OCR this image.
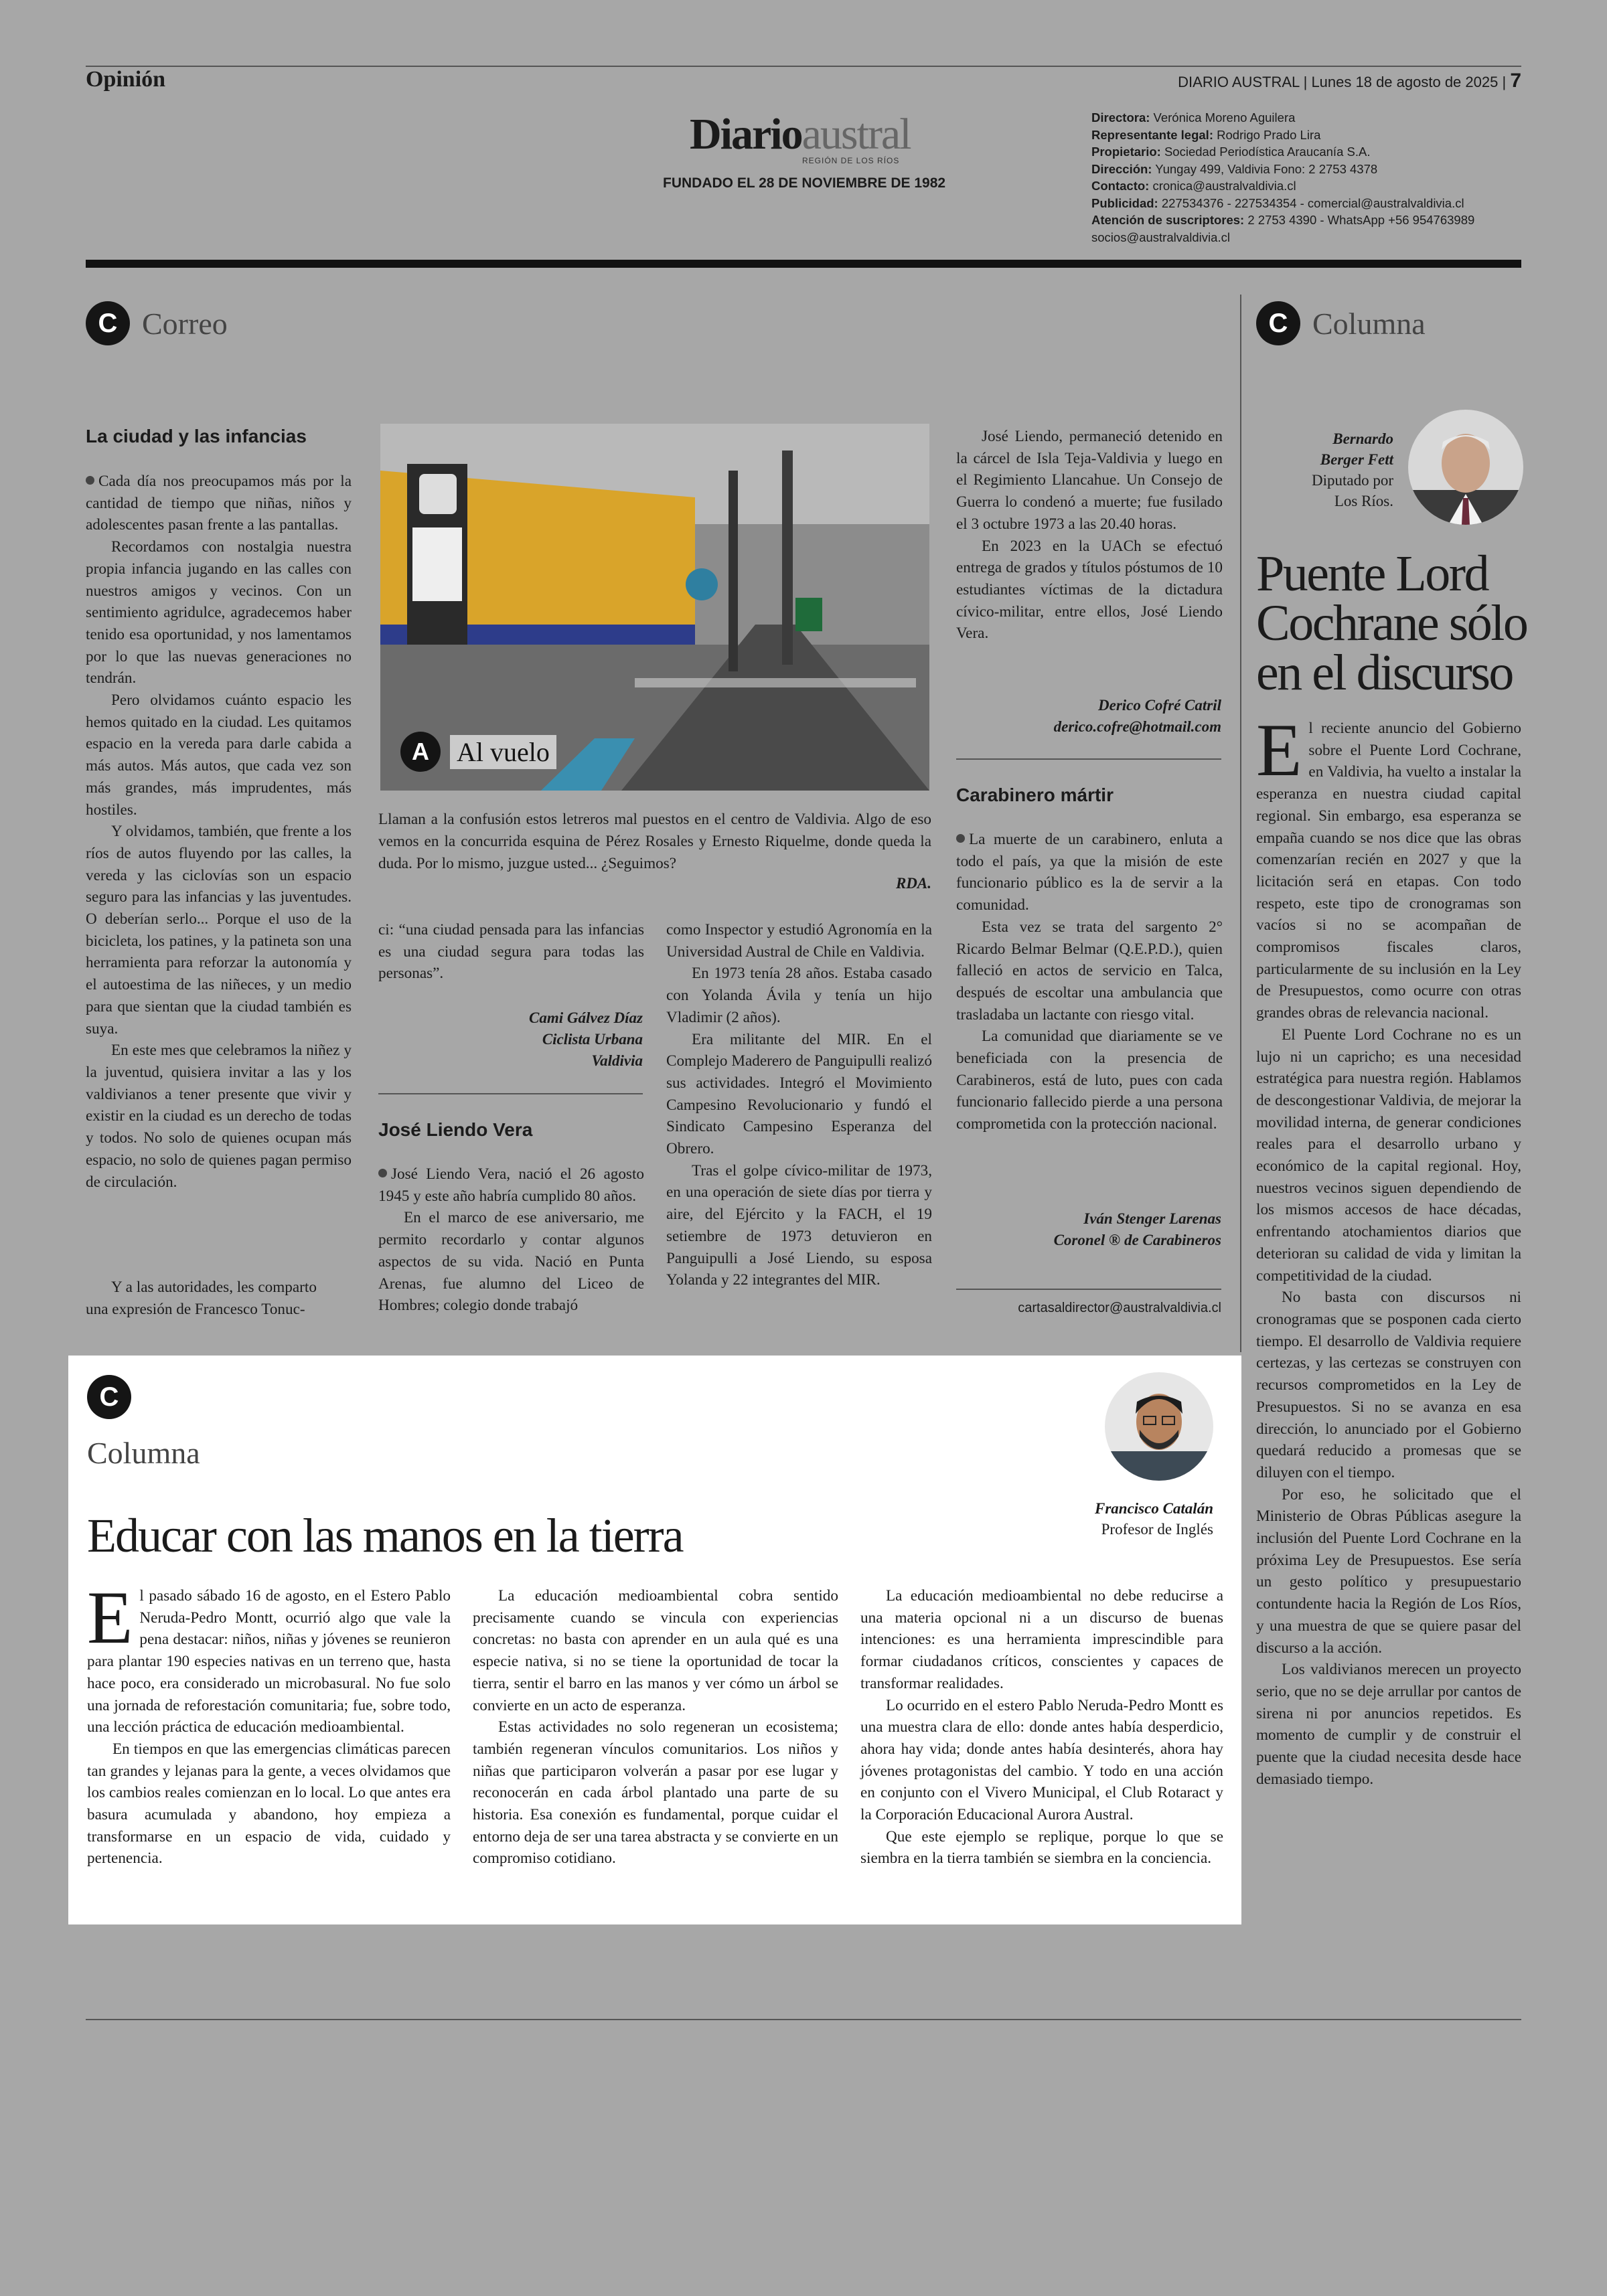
Opinión	DIARIO AUSTRAL | Lunes 18 de agosto de 2025 | 7
Diarioaustral
REGIÓN DE LOS RÍOS
FUNDADO EL 28 DE NOVIEMBRE DE 1982
Directora: Verónica Moreno Aguilera
Representante legal: Rodrigo Prado Lira
Propietario: Sociedad Periodística Araucanía S.A.
Dirección: Yungay 499, Valdivia Fono: 2 2753 4378
Contacto: cronica@australvaldivia.cl
Publicidad: 227534376 - 227534354 - comercial@australvaldivia.cl
Atención de suscriptores: 2 2753 4390 - WhatsApp +56 954763989
socios@australvaldivia.cl
C Correo
La ciudad y las infancias

Cada día nos preocupamos más por la cantidad de tiempo que niñas, niños y adolescentes pasan frente a las pantallas.

Recordamos con nostalgia nuestra propia infancia jugando en las calles con nuestros amigos y vecinos. Con un sentimiento agridulce, agradecemos haber tenido esa oportunidad, y nos lamentamos por lo que las nuevas generaciones no tendrán.

Pero olvidamos cuánto espacio les hemos quitado en la ciudad. Les quitamos espacio en la vereda para darle cabida a más autos. Más autos, que cada vez son más grandes, más imprudentes, más hostiles.

Y olvidamos, también, que frente a los ríos de autos fluyendo por las calles, la vereda y las ciclovías son un espacio seguro para las infancias y las juventudes. O deberían serlo... Porque el uso de la bicicleta, los patines, y la patineta son una herramienta para reforzar la autonomía y el autoestima de las niñeces, y un medio para que sientan que la ciudad también es suya.

En este mes que celebramos la niñez y la juventud, quisiera invitar a las y los valdivianos a tener presente que vivir y existir en la ciudad es un derecho de todas y todos. No solo de quienes ocupan más espacio, no solo de quienes pagan permiso de circulación.

Y a las autoridades, les comparto

una expresión de Francesco Tonuc-

A	Al vuelo
Llaman a la confusión estos letreros mal puestos en el centro de Valdivia. Algo de eso vemos en la concurrida esquina de Pérez Rosales y Ernesto Riquelme, donde queda la duda. Por lo mismo, juzgue usted... ¿Seguimos?
RDA.

ci: “una ciudad pensada para las infancias es una ciudad segura para todas las personas”.

Cami Gálvez Díaz
Ciclista Urbana
Valdivia
José Liendo Vera

José Liendo Vera, nació el 26 agosto 1945 y este año habría cumplido 80 años.

En el marco de ese aniversario, me permito recordarlo y contar algunos aspectos de su vida. Nació en Punta Arenas, fue alumno del Liceo de Hombres; colegio donde trabajó

como Inspector y estudió Agronomía en la Universidad Austral de Chile en Valdivia.

En 1973 tenía 28 años. Estaba casado con Yolanda Ávila y tenía un hijo Vladimir (2 años).

Era militante del MIR. En el Complejo Maderero de Panguipulli realizó sus actividades. Integró el Movimiento Campesino Revolucionario y fundó el Sindicato Campesino Esperanza del Obrero.

Tras el golpe cívico-militar de 1973, en una operación de siete días por tierra y aire, del Ejército y la FACH, el 19 setiembre de 1973 detuvieron en Panguipulli a José Liendo, su esposa Yolanda y 22 integrantes del MIR.

José Liendo, permaneció detenido en la cárcel de Isla Teja-Valdivia y luego en el Regimiento Llancahue. Un Consejo de Guerra lo condenó a muerte; fue fusilado el 3 octubre 1973 a las 20.40 horas.

En 2023 en la UACh se efectuó entrega de grados y títulos póstumos de 10 estudiantes víctimas de la dictadura cívico-militar, entre ellos, José Liendo Vera.

Derico Cofré Catril
derico.cofre@hotmail.com
Carabinero mártir

La muerte de un carabinero, enluta a todo el país, ya que la misión de este funcionario público es la de servir a la comunidad.

Esta vez se trata del sargento 2° Ricardo Belmar Belmar (Q.E.P.D.), quien falleció en actos de servicio en Talca, después de escoltar una ambulancia que trasladaba un lactante con riesgo vital.

La comunidad que diariamente se ve beneficiada con la presencia de Carabineros, está de luto, pues con cada funcionario fallecido pierde a una persona comprometida con la protección nacional.

Iván Stenger Larenas
Coronel ® de Carabineros
cartasaldirector@australvaldivia.cl
C Columna
Bernardo
Berger Fett
Diputado por
Los Ríos.
Puente Lord
Cochrane sólo
en el discurso

El reciente anuncio del Gobierno sobre el Puente Lord Cochrane, en Valdivia, ha vuelto a instalar la esperanza en nuestra ciudad capital regional. Sin embargo, esa esperanza se empaña cuando se nos dice que las obras comenzarían recién en 2027 y que la licitación será en etapas. Con todo respeto, este tipo de cronogramas son vacíos si no se acompañan de compromisos fiscales claros, particularmente de su inclusión en la Ley de Presupuestos, como ocurre con otras grandes obras de relevancia nacional.

El Puente Lord Cochrane no es un lujo ni un capricho; es una necesidad estratégica para nuestra región. Hablamos de descongestionar Valdivia, de mejorar la movilidad interna, de generar condiciones reales para el desarrollo urbano y económico de la capital regional. Hoy, nuestros vecinos siguen dependiendo de los mismos accesos de hace décadas, enfrentando atochamientos diarios que deterioran su calidad de vida y limitan la competitividad de la ciudad.

No basta con discursos ni cronogramas que se posponen cada cierto tiempo. El desarrollo de Valdivia requiere certezas, y las certezas se construyen con recursos comprometidos en la Ley de Presupuestos. Si no se avanza en esa dirección, lo anunciado por el Gobierno quedará reducido a promesas que se diluyen con el tiempo.

Por eso, he solicitado que el Ministerio de Obras Públicas asegure la inclusión del Puente Lord Cochrane en la próxima Ley de Presupuestos. Ese sería un gesto político y presupuestario contundente hacia la Región de Los Ríos, y una muestra de que se quiere pasar del discurso a la acción.

Los valdivianos merecen un proyecto serio, que no se deje arrullar por cantos de sirena ni por anuncios repetidos. Es momento de cumplir y de construir el puente que la ciudad necesita desde hace demasiado tiempo.

C
Columna
Francisco Catalán
Profesor de Inglés
Educar con las manos en la tierra

El pasado sábado 16 de agosto, en el Estero Pablo Neruda-Pedro Montt, ocurrió algo que vale la pena destacar: niños, niñas y jóvenes se reunieron para plantar 190 especies nativas en un terreno que, hasta hace poco, era considerado un microbasural. No fue solo una jornada de reforestación comunitaria; fue, sobre todo, una lección práctica de educación medioambiental.

En tiempos en que las emergencias climáticas parecen tan grandes y lejanas para la gente, a veces olvidamos que los cambios reales comienzan en lo local. Lo que antes era basura acumulada y abandono, hoy empieza a transformarse en un espacio de vida, cuidado y pertenencia.

La educación medioambiental cobra sentido precisamente cuando se vincula con experiencias concretas: no basta con aprender en un aula qué es una especie nativa, si no se tiene la oportunidad de tocar la tierra, sentir el barro en las manos y ver cómo un árbol se convierte en un acto de esperanza.

Estas actividades no solo regeneran un ecosistema; también regeneran vínculos comunitarios. Los niños y niñas que participaron volverán a pasar por ese lugar y reconocerán en cada árbol plantado una parte de su historia. Esa conexión es fundamental, porque cuidar el entorno deja de ser una tarea abstracta y se convierte en un compromiso cotidiano.

La educación medioambiental no debe reducirse a una materia opcional ni a un discurso de buenas intenciones: es una herramienta imprescindible para formar ciudadanos críticos, conscientes y capaces de transformar realidades.

Lo ocurrido en el estero Pablo Neruda-Pedro Montt es una muestra clara de ello: donde antes había desperdicio, ahora hay vida; donde antes había desinterés, ahora hay jóvenes protagonistas del cambio. Y todo en una acción en conjunto con el Vivero Municipal, el Club Rotaract y la Corporación Educacional Aurora Austral.

Que este ejemplo se replique, porque lo que se siembra en la tierra también se siembra en la conciencia.
